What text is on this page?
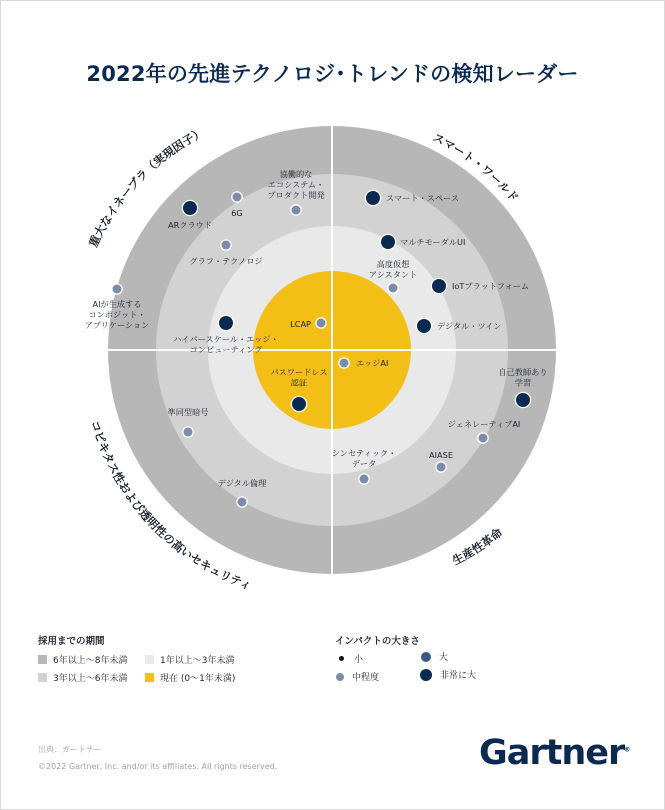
2022年の先進テクノロジ･トレンドの検知レーダー
重大なイネーブラ（実現因子）	スマート・ワールド
コピキタス性および透明性の高いセキュリティ
生産性革命
協働的なエコシステム・プロダクト開発
6G
ARクラウド
グラフ・テクノロジ
AIが生成するコンポジット・アプリケーション
ハイパースケール・エッジ・コンピューティング
LCAP
スマート・スペース
マルチモーダルUI
高度仮想アシスタント
IoTプラットフォーム
デジタル・ツイン
エッジAI
パスワードレス認証
自己教師あり学習
ジェネレーティブAI
準同型暗号
シンセティック・データ
AIASE
デジタル倫理
採用までの期間
6年以上～8年未満	1年以上～3年未満
3年以上～6年未満	現在 (0～1年未満)
インパクトの大きさ
小	大
中程度	非常に大
出典：ガートナー
©2022 Gartner, Inc. and/or its affiliates. All rights reserved.	Gartner®
